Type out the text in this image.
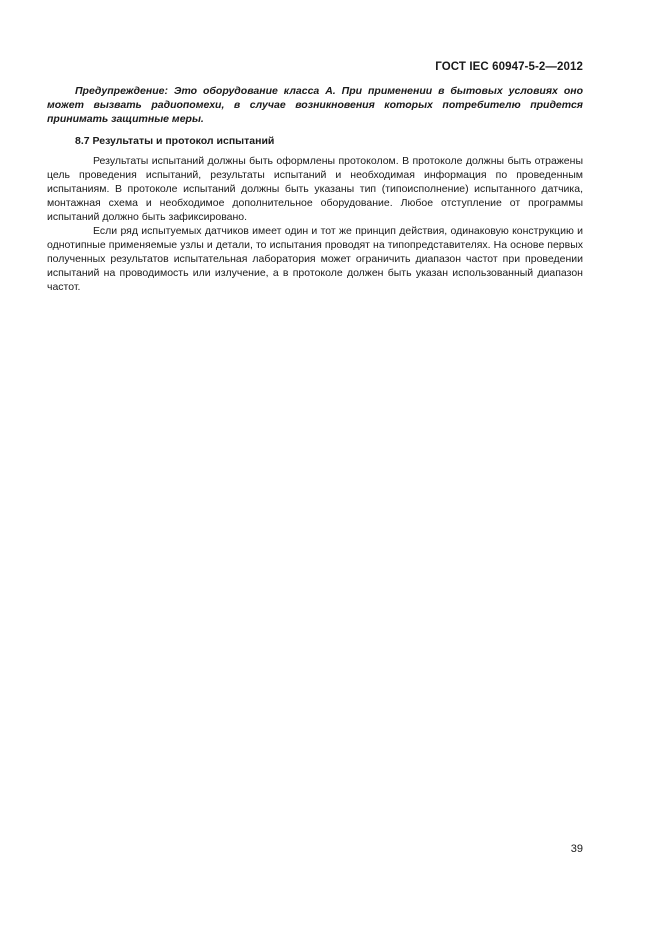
ГОСТ IEC 60947-5-2—2012

Предупреждение: Это оборудование класса А. При применении в бытовых условиях оно может вызвать радиопомехи, в случае возникновения которых потребителю придется принимать защитные меры.

8.7 Результаты и протокол испытаний

Результаты испытаний должны быть оформлены протоколом. В протоколе должны быть отражены цель проведения испытаний, результаты испытаний и необходимая информация по проведенным испытаниям. В протоколе испытаний должны быть указаны тип (типоисполнение) испытанного датчика, монтажная схема и необходимое дополнительное оборудование. Любое отступление от программы испытаний должно быть зафиксировано.

Если ряд испытуемых датчиков имеет один и тот же принцип действия, одинаковую конструкцию и однотипные применяемые узлы и детали, то испытания проводят на типопредставителях. На основе первых полученных результатов испытательная лаборатория может ограничить диапазон частот при проведении испытаний на проводимость или излучение, а в протоколе должен быть указан использованный диапазон частот.

39
